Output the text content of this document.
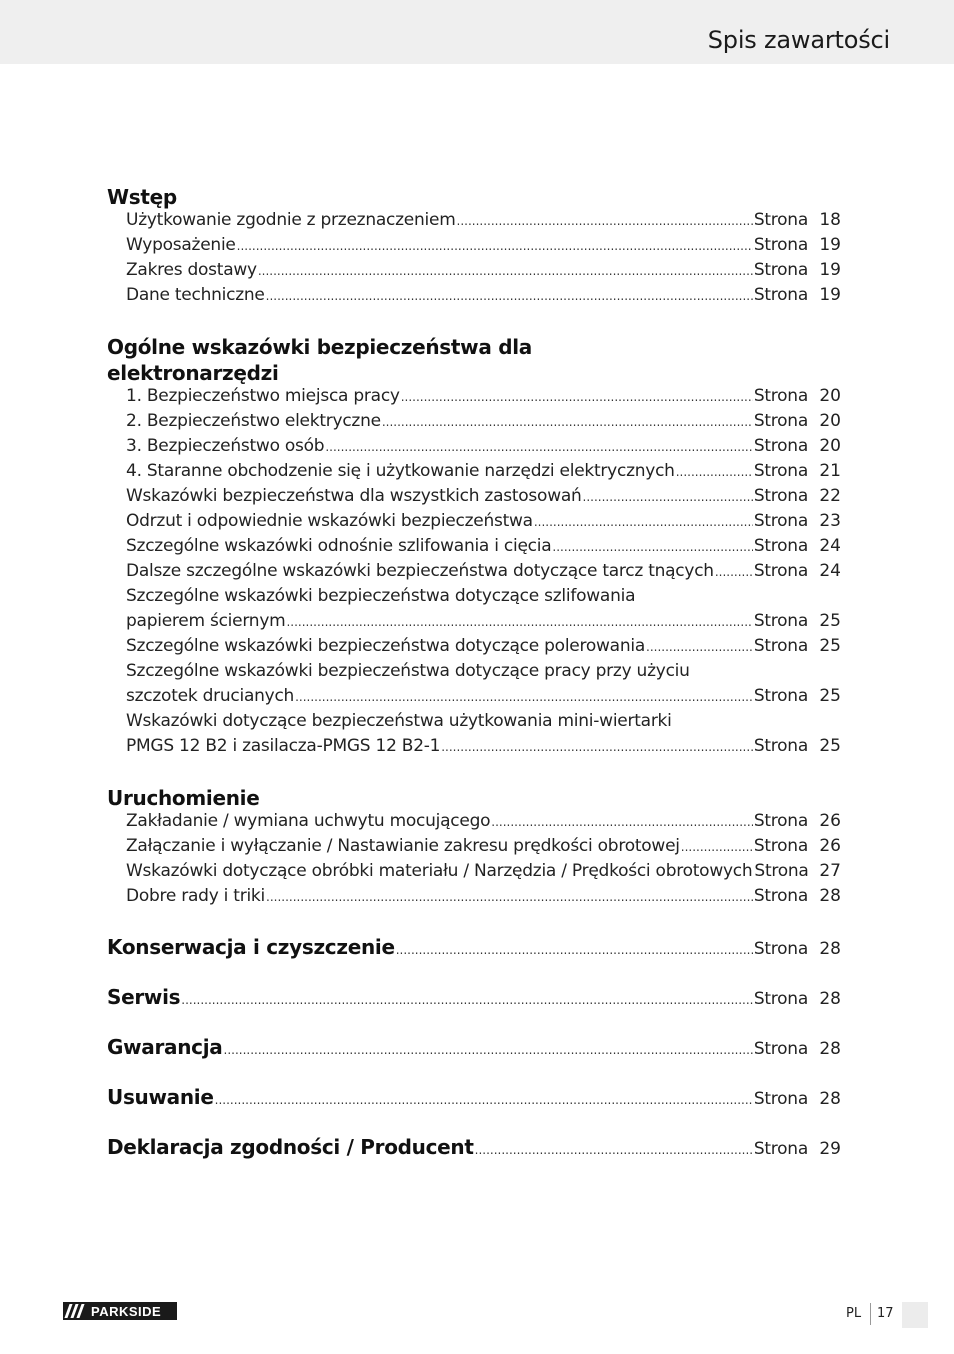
Spis zawartości
Wstęp
Użytkowanie zgodnie z przeznaczeniem .....	Strona 18
Wyposażenie .....	Strona 19
Zakres dostawy .....	Strona 19
Dane techniczne .....	Strona 19
Ogólne wskazówki bezpieczeństwa dla
elektronarzędzi
1. Bezpieczeństwo miejsca pracy .....	Strona 20
2. Bezpieczeństwo elektryczne .....	Strona 20
3. Bezpieczeństwo osób .....	Strona 20
4. Staranne obchodzenie się i użytkowanie narzędzi elektrycznych .....	Strona 21
Wskazówki bezpieczeństwa dla wszystkich zastosowań .....	Strona 22
Odrzut i odpowiednie wskazówki bezpieczeństwa .....	Strona 23
Szczególne wskazówki odnośnie szlifowania i cięcia .....	Strona 24
Dalsze szczególne wskazówki bezpieczeństwa dotyczące tarcz tnących ..... Strona 24
Szczególne wskazówki bezpieczeństwa dotyczące szlifowania
papierem ściernym .....	Strona 25
Szczególne wskazówki bezpieczeństwa dotyczące polerowania .....	Strona 25
Szczególne wskazówki bezpieczeństwa dotyczące pracy przy użyciu
szczotek drucianych .....	Strona 25
Wskazówki dotyczące bezpieczeństwa użytkowania mini-wiertarki
PMGS 12 B2 i zasilacza-PMGS 12 B2-1 .....	Strona 25
Uruchomienie
Zakładanie / wymiana uchwytu mocującego .....	Strona 26
Załączanie i wyłączanie / Nastawianie zakresu prędkości obrotowej .....	Strona 26
Wskazówki dotyczące obróbki materiału / Narzędzia / Prędkości obrotowych Strona 27
Dobre rady i triki .....	Strona 28
Konserwacja i czyszczenie .....	Strona 28
Serwis .....	Strona 28
Gwarancja .....	Strona 28
Usuwanie .....	Strona 28
Deklaracja zgodności / Producent .....	Strona 29
PARKSIDE	PL 17
